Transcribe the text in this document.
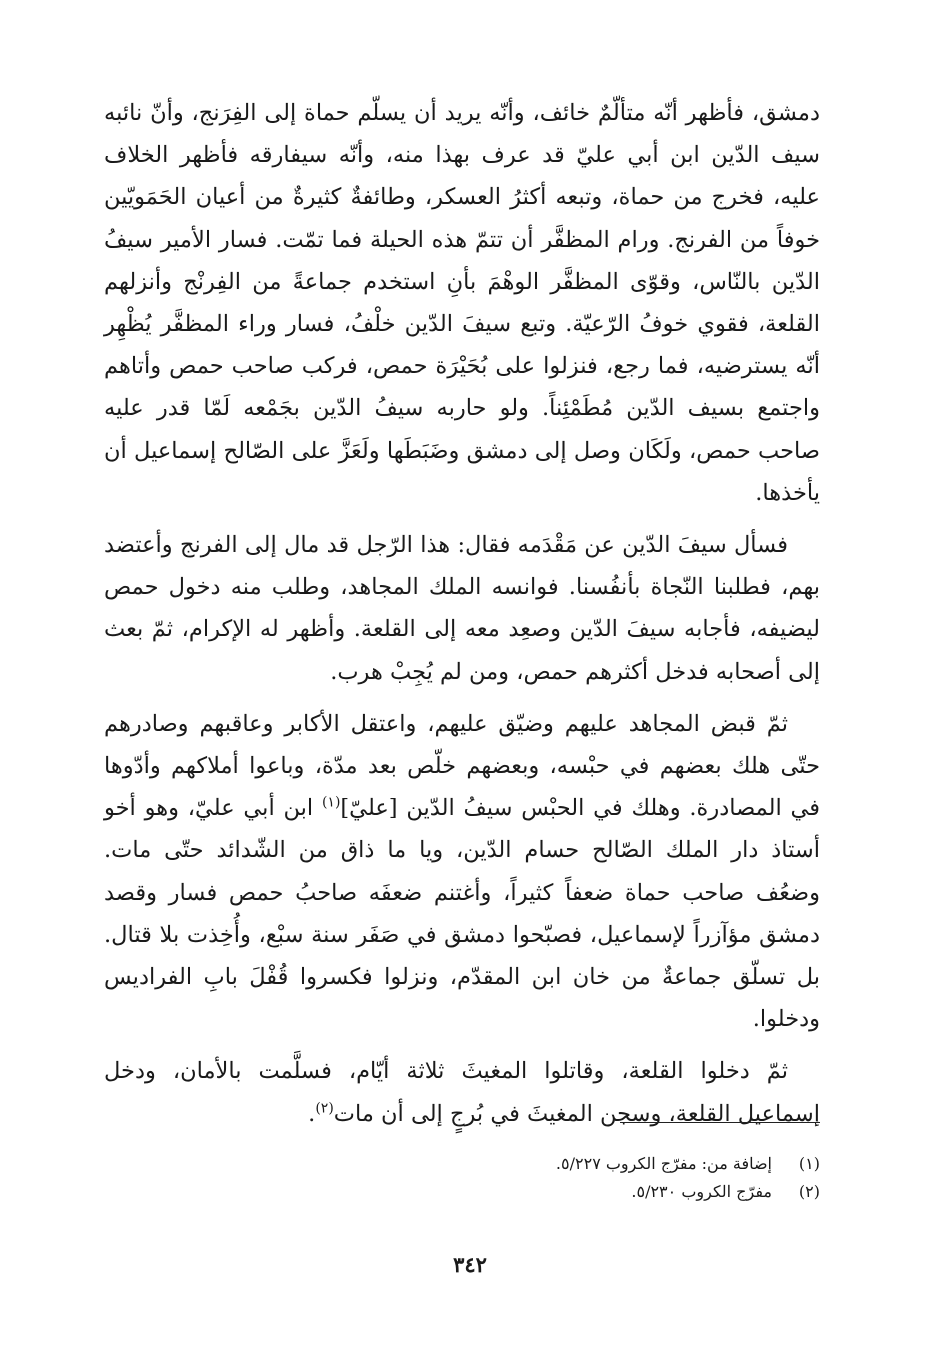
دمشق، فأظهر أنّه متألّمٌ خائف، وأنّه يريد أن يسلّم حماة إلى الفِرَنج، وأنّ نائبه سيف الدّين ابن أبي عليّ قد عرف بهذا منه، وأنّه سيفارقه فأظهر الخلاف عليه، فخرج من حماة، وتبعه أكثرُ العسكر، وطائفةٌ كثيرةٌ من أعيان الحَمَويّين خوفاً من الفرنج. ورام المظفَّر أن تتمّ هذه الحيلة فما تمّت. فسار الأمير سيفُ الدّين بالنّاس، وقوّى المظفَّر الوهْمَ بأنِ استخدم جماعةً من الفِرنْج وأنزلهم القلعة، فقوي خوفُ الرّعيّة. وتبع سيفَ الدّين خلْفُ، فسار وراء المظفَّر يُظْهِر أنّه يسترضيه، فما رجع، فنزلوا على بُحَيْرَة حمص، فركب صاحب حمص وأتاهم واجتمع بسيف الدّين مُطَمْئِناً. ولو حاربه سيفُ الدّين بجَمْعه لَمّا قدر عليه صاحب حمص، ولَكَان وصل إلى دمشق وضَبَطَها ولَعَزَّ على الصّالح إسماعيل أن يأخذها.

فسأل سيفَ الدّين عن مَقْدَمه فقال: هذا الرّجل قد مال إلى الفرنج وأعتضد بهم، فطلبنا النّجاة بأنفُسنا. فوانسه الملك المجاهد، وطلب منه دخول حمص ليضيفه، فأجابه سيفَ الدّين وصعِد معه إلى القلعة. وأظهر له الإكرام، ثمّ بعث إلى أصحابه فدخل أكثرهم حمص، ومن لم يُجِبْ هرب.

ثمّ قبض المجاهد عليهم وضيّق عليهم، واعتقل الأكابر وعاقبهم وصادرهم حتّى هلك بعضهم في حبْسه، وبعضهم خلّص بعد مدّة، وباعوا أملاكهم وأدّوها في المصادرة. وهلك في الحبْس سيفُ الدّين [عليّ]$^{(١)}$ ابن أبي عليّ، وهو أخو أستاذ دار الملك الصّالح حسام الدّين، ويا ما ذاق من الشّدائد حتّى مات. وضعُف صاحب حماة ضعفاً كثيراً، وأغتنم ضعفَه صاحبُ حمص فسار وقصد دمشق مؤآزراً لإسماعيل، فصبّحوا دمشق في صَفَر سنة سبْع، وأُخِذت بلا قتال. بل تسلّق جماعةٌ من خان ابن المقدّم، ونزلوا فكسروا قُفْلَ بابِ الفراديس ودخلوا.

ثمّ دخلوا القلعة، وقاتلوا المغيثَ ثلاثة أيّام، فسلَّمت بالأمان، ودخل إسماعيل القلعة، وسجن المغيثَ في بُرجٍ إلى أن مات$^{(٢)}$.

(١)
إضافة من: مفرّج الكروب ٥/٢٢٧.
(٢)
مفرّج الكروب ٥/٢٣٠.
٣٤٢
